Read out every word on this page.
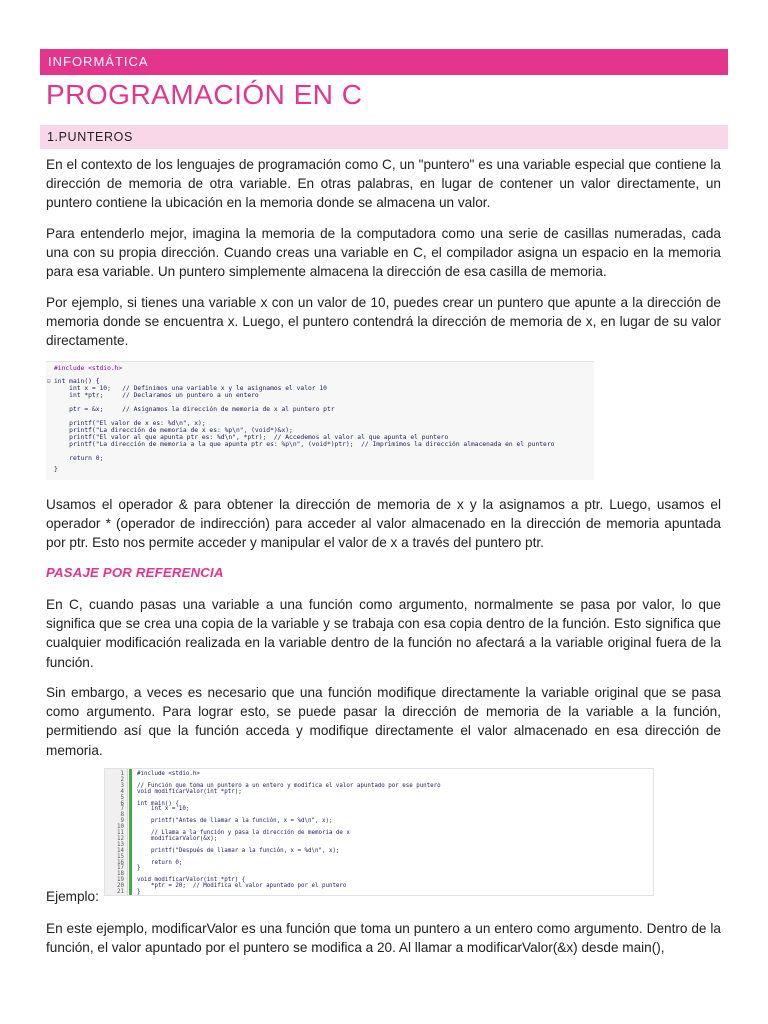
INFORMÁTICA
PROGRAMACIÓN EN C
1.PUNTEROS

En el contexto de los lenguajes de programación como C, un "puntero" es una variable especial que contiene la dirección de memoria de otra variable. En otras palabras, en lugar de contener un valor directamente, un puntero contiene la ubicación en la memoria donde se almacena un valor.

Para entenderlo mejor, imagina la memoria de la computadora como una serie de casillas numeradas, cada una con su propia dirección. Cuando creas una variable en C, el compilador asigna un espacio en la memoria para esa variable. Un puntero simplemente almacena la dirección de esa casilla de memoria.

Por ejemplo, si tienes una variable x con un valor de 10, puedes crear un puntero que apunte a la dirección de memoria donde se encuentra x. Luego, el puntero contendrá la dirección de memoria de x, en lugar de su valor directamente.

#include <stdio.h>
⊟ int main() {
int x = 10;   // Definimos una variable x y le asignamos el valor 10
int *ptr;     // Declaramos un puntero a un entero
ptr = &x;     // Asignamos la dirección de memoria de x al puntero ptr
printf("El valor de x es: %d\n", x);
printf("La dirección de memoria de x es: %p\n", (void*)&x);
printf("El valor al que apunta ptr es: %d\n", *ptr);  // Accedemos al valor al que apunta el puntero
printf("La dirección de memoria a la que apunta ptr es: %p\n", (void*)ptr);  // Imprimimos la dirección almacenada en el puntero
return 0;
}

Usamos el operador & para obtener la dirección de memoria de x y la asignamos a ptr. Luego, usamos el operador * (operador de indirección) para acceder al valor almacenado en la dirección de memoria apuntada por ptr. Esto nos permite acceder y manipular el valor de x a través del puntero ptr.

PASAJE POR REFERENCIA

En C, cuando pasas una variable a una función como argumento, normalmente se pasa por valor, lo que significa que se crea una copia de la variable y se trabaja con esa copia dentro de la función. Esto significa que cualquier modificación realizada en la variable dentro de la función no afectará a la variable original fuera de la función.

Sin embargo, a veces es necesario que una función modifique directamente la variable original que se pasa como argumento. Para lograr esto, se puede pasar la dirección de memoria de la variable a la función, permitiendo así que la función acceda y modifique directamente el valor almacenado en esa dirección de memoria.

1
2
3
4
5
6
7
8
9
10
11
12
13
14
15
16
17
18
19
20
21
#include <stdio.h>
// Función que toma un puntero a un entero y modifica el valor apuntado por ese puntero
void modificarValor(int *ptr);
int main() {
int x = 10;
printf("Antes de llamar a la función, x = %d\n", x);
// Llama a la función y pasa la dirección de memoria de x
modificarValor(&x);
printf("Después de llamar a la función, x = %d\n", x);
return 0;
}
void modificarValor(int *ptr) {
*ptr = 20;  // Modifica el valor apuntado por el puntero
}
Ejemplo:

En este ejemplo, modificarValor es una función que toma un puntero a un entero como argumento. Dentro de la función, el valor apuntado por el puntero se modifica a 20. Al llamar a modificarValor(&x) desde main(),
